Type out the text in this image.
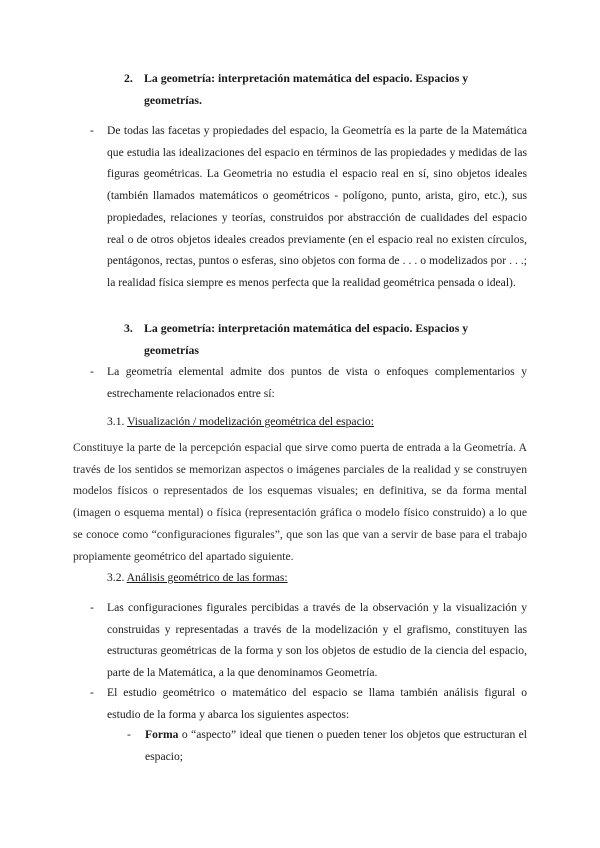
2. La geometría: interpretación matemática del espacio. Espacios y geometrías.
- De todas las facetas y propiedades del espacio, la Geometría es la parte de la Matemática que estudia las idealizaciones del espacio en términos de las propiedades y medidas de las figuras geométricas. La Geometria no estudia el espacio real en sí, sino objetos ideales (también llamados matemáticos o geométricos - polígono, punto, arista, giro, etc.), sus propiedades, relaciones y teorías, construidos por abstracción de cualidades del espacio real o de otros objetos ideales creados previamente (en el espacio real no existen círculos, pentágonos, rectas, puntos o esferas, sino objetos con forma de . . . o modelizados por . . .; la realidad física siempre es menos perfecta que la realidad geométrica pensada o ideal).

3. La geometría: interpretación matemática del espacio. Espacios y geometrías
- La geometría elemental admite dos puntos de vista o enfoques complementarios y estrechamente relacionados entre sí:

3.1. Visualización / modelización geométrica del espacio:

Constituye la parte de la percepción espacial que sirve como puerta de entrada a la Geometría. A través de los sentidos se memorizan aspectos o imágenes parciales de la realidad y se construyen modelos físicos o representados de los esquemas visuales; en definitiva, se da forma mental (imagen o esquema mental) o física (representación gráfica o modelo físico construido) a lo que se conoce como “configuraciones figurales”, que son las que van a servir de base para el trabajo propiamente geométrico del apartado siguiente.

3.2. Análisis geométrico de las formas:
- Las configuraciones figurales percibidas a través de la observación y la visualización y construidas y representadas a través de la modelización y el grafismo, constituyen las estructuras geométricas de la forma y son los objetos de estudio de la ciencia del espacio, parte de la Matemática, a la que denominamos Geometría.

- El estudio geométrico o matemático del espacio se llama también análisis figural o estudio de la forma y abarca los siguientes aspectos:

- Forma o “aspecto” ideal que tienen o pueden tener los objetos que estructuran el espacio;
